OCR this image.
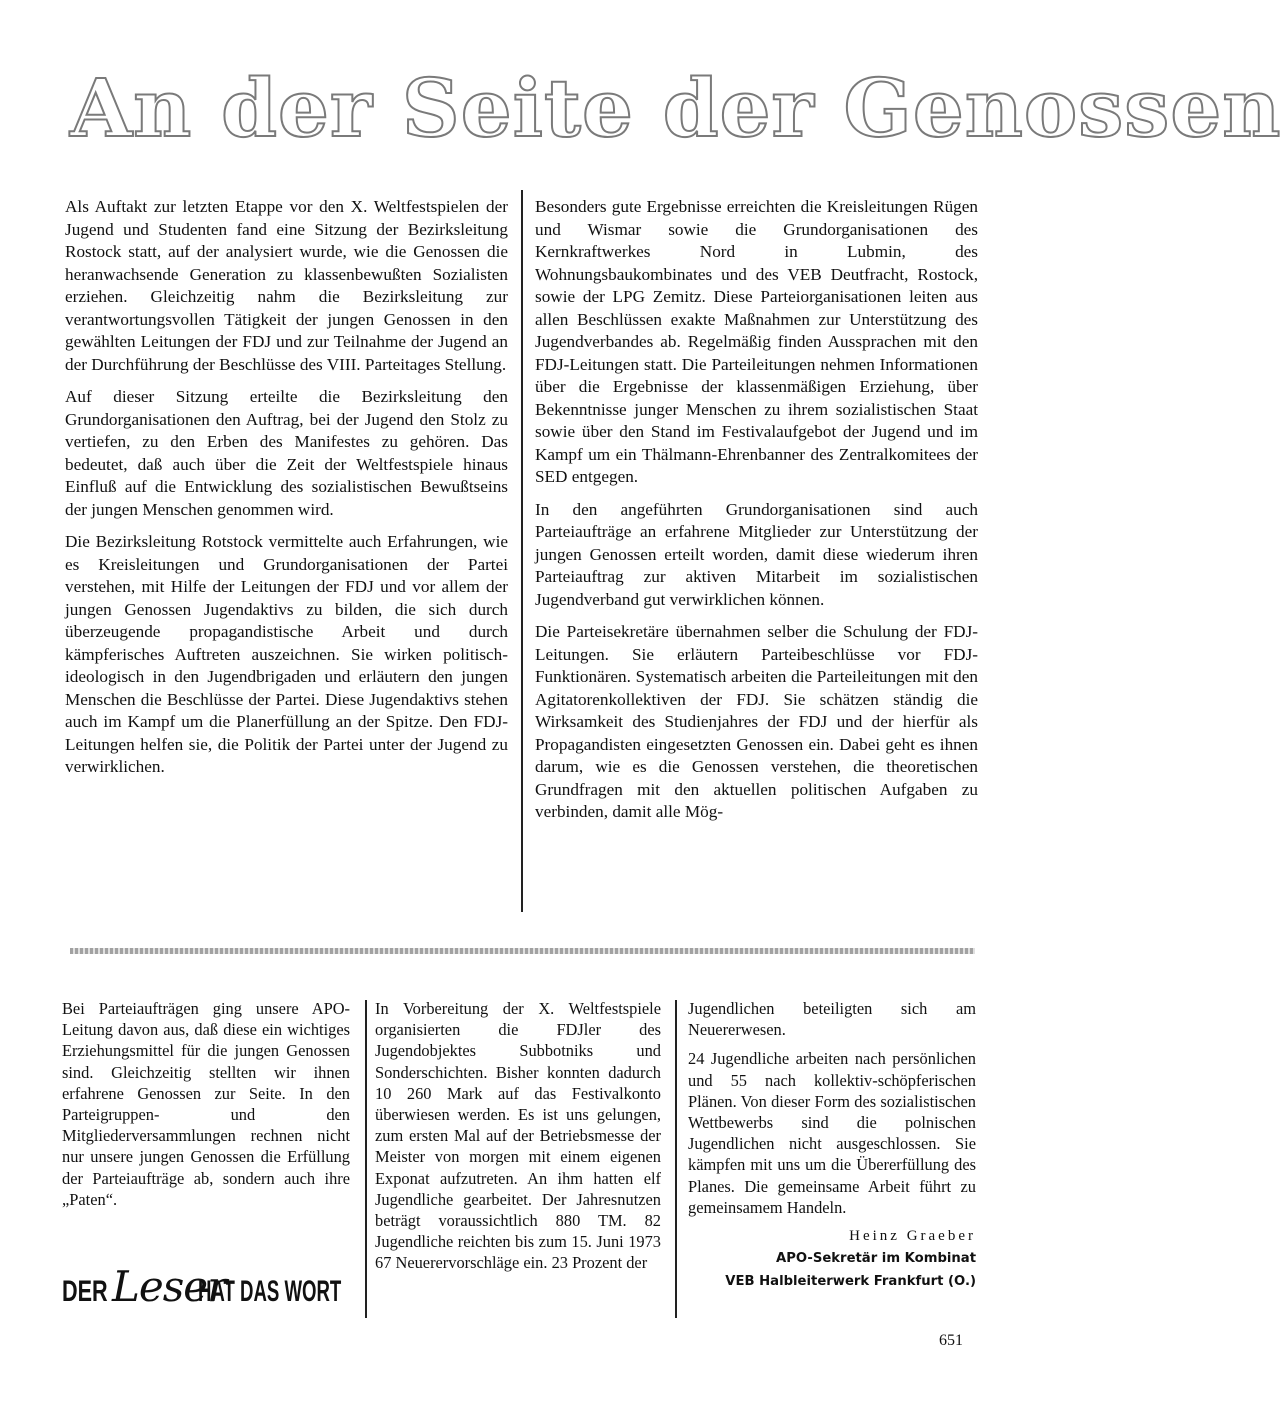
An der Seite der Genossen

Als Auftakt zur letzten Etappe vor den X. Weltfestspielen der Jugend und Studenten fand eine Sitzung der Bezirksleitung Rostock statt, auf der analysiert wurde, wie die Genossen die heranwachsende Generation zu klassenbewußten Sozialisten erziehen. Gleichzeitig nahm die Bezirksleitung zur verantwortungsvollen Tätigkeit der jungen Genossen in den gewählten Leitungen der FDJ und zur Teilnahme der Jugend an der Durchführung der Beschlüsse des VIII. Parteitages Stellung.

Auf dieser Sitzung erteilte die Bezirksleitung den Grundorganisationen den Auftrag, bei der Jugend den Stolz zu vertiefen, zu den Erben des Manifestes zu gehören. Das bedeutet, daß auch über die Zeit der Weltfestspiele hinaus Einfluß auf die Entwicklung des sozialistischen Bewußtseins der jungen Menschen genommen wird.

Die Bezirksleitung Rotstock vermittelte auch Erfahrungen, wie es Kreisleitungen und Grundorganisationen der Partei verstehen, mit Hilfe der Leitungen der FDJ und vor allem der jungen Genossen Jugendaktivs zu bilden, die sich durch überzeugende propagandistische Arbeit und durch kämpferisches Auftreten auszeichnen. Sie wirken politisch-ideologisch in den Jugendbrigaden und erläutern den jungen Menschen die Beschlüsse der Partei. Diese Jugendaktivs stehen auch im Kampf um die Planerfüllung an der Spitze. Den FDJ-Leitungen helfen sie, die Politik der Partei unter der Jugend zu verwirklichen.

Besonders gute Ergebnisse erreichten die Kreisleitungen Rügen und Wismar sowie die Grundorganisationen des Kernkraftwerkes Nord in Lubmin, des Wohnungsbaukombinates und des VEB Deutfracht, Rostock, sowie der LPG Zemitz. Diese Parteiorganisationen leiten aus allen Beschlüssen exakte Maßnahmen zur Unterstützung des Jugendverbandes ab. Regelmäßig finden Aussprachen mit den FDJ-Leitungen statt. Die Parteileitungen nehmen Informationen über die Ergebnisse der klassenmäßigen Erziehung, über Bekenntnisse junger Menschen zu ihrem sozialistischen Staat sowie über den Stand im Festivalaufgebot der Jugend und im Kampf um ein Thälmann-Ehrenbanner des Zentralkomitees der SED entgegen.

In den angeführten Grundorganisationen sind auch Parteiaufträge an erfahrene Mitglieder zur Unterstützung der jungen Genossen erteilt worden, damit diese wiederum ihren Parteiauftrag zur aktiven Mitarbeit im sozialistischen Jugendverband gut verwirklichen können.

Die Parteisekretäre übernahmen selber die Schulung der FDJ-Leitungen. Sie erläutern Parteibeschlüsse vor FDJ-Funktionären. Systematisch arbeiten die Parteileitungen mit den Agitatorenkollektiven der FDJ. Sie schätzen ständig die Wirksamkeit des Studienjahres der FDJ und der hierfür als Propagandisten eingesetzten Genossen ein. Dabei geht es ihnen darum, wie es die Genossen verstehen, die theoretischen Grundfragen mit den aktuellen politischen Aufgaben zu verbinden, damit alle Mög-

Bei Parteiaufträgen ging unsere APO-Leitung davon aus, daß diese ein wichtiges Erziehungsmittel für die jungen Genossen sind. Gleichzeitig stellten wir ihnen erfahrene Genossen zur Seite. In den Parteigruppen- und den Mitgliederversammlungen rechnen nicht nur unsere jungen Genossen die Erfüllung der Parteiaufträge ab, sondern auch ihre „Paten“.

In Vorbereitung der X. Weltfestspiele organisierten die FDJler des Jugendobjektes Subbotniks und Sonderschichten. Bisher konnten dadurch 10 260 Mark auf das Festivalkonto überwiesen werden. Es ist uns gelungen, zum ersten Mal auf der Betriebsmesse der Meister von morgen mit einem eigenen Exponat aufzutreten. An ihm hatten elf Jugendliche gearbeitet. Der Jahresnutzen beträgt voraussichtlich 880 TM. 82 Jugendliche reichten bis zum 15. Juni 1973 67 Neuerervorschläge ein. 23 Prozent der

Jugendlichen beteiligten sich am Neuererwesen.

24 Jugendliche arbeiten nach persönlichen und 55 nach kollektiv-schöpferischen Plänen. Von dieser Form des sozialistischen Wettbewerbs sind die polnischen Jugendlichen nicht ausgeschlossen. Sie kämpfen mit uns um die Übererfüllung des Planes. Die gemeinsame Arbeit führt zu gemeinsamem Handeln.

Heinz Graeber
APO-Sekretär im Kombinat
VEB Halbleiterwerk Frankfurt (O.)
DER Leser
HAT DAS WORT
651
